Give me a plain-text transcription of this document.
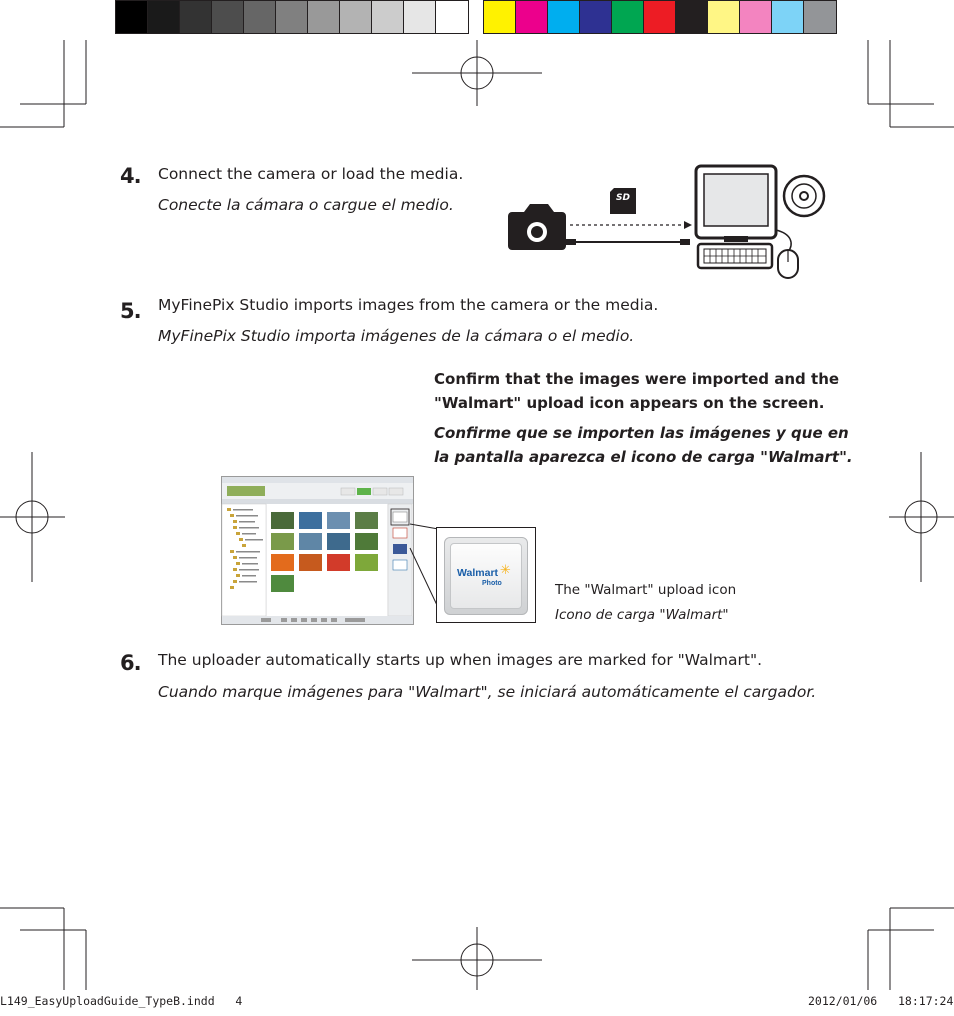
4. Connect the camera or load the media.
Conecte la cámara o cargue el medio.	SD
5. MyFinePix Studio imports images from the camera or the media.
MyFinePix Studio importa imágenes de la cámara o el medio.
Confirm that the images were imported and the
"Walmart" upload icon appears on the screen.
Confirme que se importen las imágenes y que en
la pantalla aparezca el icono de carga "Walmart".
Walmart ✳
Photo	The "Walmart" upload icon
Icono de carga "Walmart"
6. The uploader automatically starts up when images are marked for "Walmart".
Cuando marque imágenes para "Walmart", se iniciará automáticamente el cargador.
L149_EasyUploadGuide_TypeB.indd   4	2012/01/06   18:17:24
